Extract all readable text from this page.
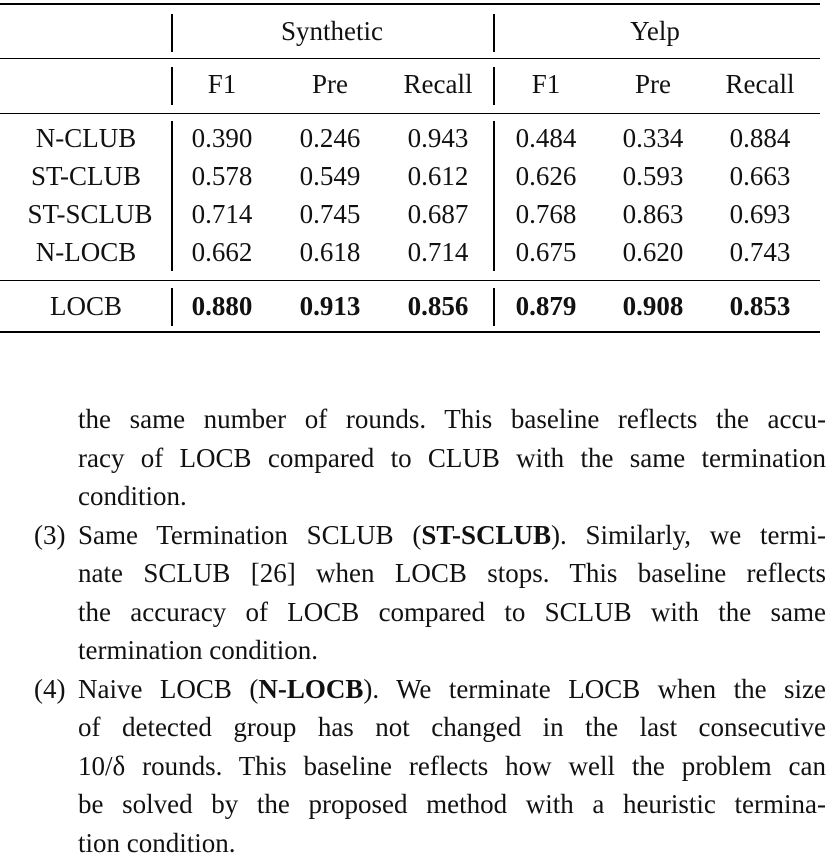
Synthetic	Yelp
F1	Pre Recall F1	Pre Recall
N-CLUB 0.390 0.246 0.943 0.484 0.334 0.884
ST-CLUB 0.578 0.549 0.612 0.626 0.593 0.663
ST-SCLUB 0.714 0.745 0.687 0.768 0.863 0.693
N-LOCB 0.662 0.618 0.714 0.675 0.620 0.743
LOCB	0.880 0.913 0.856 0.879 0.908 0.853
the same number of rounds. This baseline reflects the accu-
racy of LOCB compared to CLUB with the same termination
condition.
(3) Same Termination SCLUB (ST-SCLUB). Similarly, we termi-
nate SCLUB [26] when LOCB stops. This baseline reflects
the accuracy of LOCB compared to SCLUB with the same
termination condition.
(4) Naive LOCB (N-LOCB). We terminate LOCB when the size
of detected group has not changed in the last consecutive
10/δ rounds. This baseline reflects how well the problem can
be solved by the proposed method with a heuristic termina-
tion condition.
